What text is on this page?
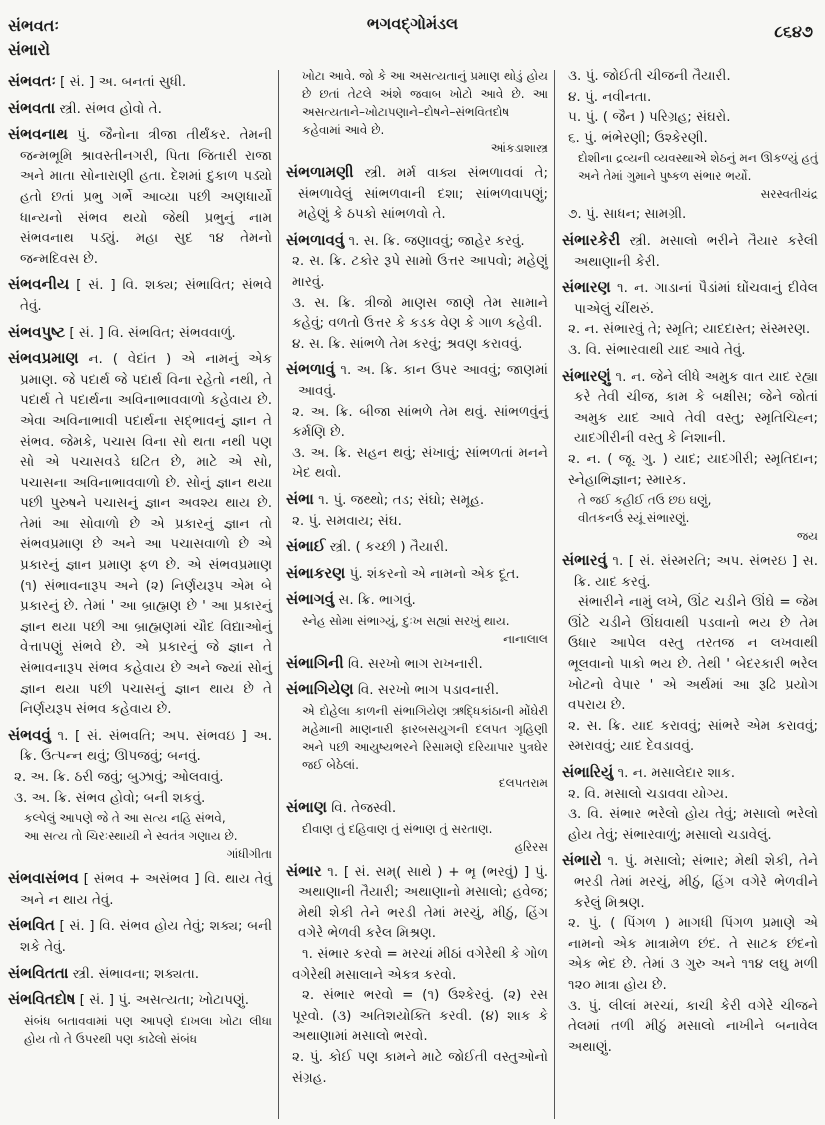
સંભવતઃ
સંભારો
ભગવદ્ગોમંડલ	૮૬૪૭

સંભવતઃ [ સં. ] અ. બનતાં સુધી.

સંભવતા સ્ત્રી. સંભવ હોવો તે.

સંભવનાથ પું. જૈનોના ત્રીજા તીર્થંકર. તેમની જન્મભૂમિ શ્રાવસ્તીનગરી, પિતા જિતારી રાજા અને માતા સોનારાણી હતા. દેશમાં દુકાળ પડ્યો હતો છતાં પ્રભુ ગર્ભે આવ્યા પછી અણધાર્યો ધાન્યનો સંભવ થયો જેથી પ્રભુનું નામ સંભવનાથ પડ્યું. મહા સુદ ૧૪ તેમનો જન્મદિવસ છે.

સંભવનીય [ સં. ] વિ. શક્ય; સંભાવિત; સંભવે તેવું.

સંભવપુષ્ટ [ સં. ] વિ. સંભવિત; સંભવવાળું.

સંભવપ્રમાણ ન. ( વેદાંત ) એ નામનું એક પ્રમાણ. જે પદાર્થ જે પદાર્થ વિના રહેતો નથી, તે પદાર્થ તે પદાર્થના અવિનાભાવવાળો કહેવાય છે. એવા અવિનાભાવી પદાર્થના સદ્‌ભાવનું જ્ઞાન તે સંભવ. જેમકે, પચાસ વિના સો થતા નથી પણ સો એ પચાસવડે ઘટિત છે, માટે એ સો, પચાસના અવિનાભાવવાળો છે. સોનું જ્ઞાન થયા પછી પુરુષને પચાસનું જ્ઞાન અવશ્ય થાય છે. તેમાં આ સોવાળો છે એ પ્રકારનું જ્ઞાન તો સંભવપ્રમાણ છે અને આ પચાસવાળો છે એ પ્રકારનું જ્ઞાન પ્રમાણ ફળ છે. એ સંભવપ્રમાણ (૧) સંભાવનારૂપ અને (૨) નિર્ણયરૂપ એમ બે પ્રકારનું છે. તેમાં ' આ બ્રાહ્મણ છે ' આ પ્રકારનું જ્ઞાન થયા પછી આ બ્રાહ્મણમાં ચૌદ વિદ્યાઓનું વેત્તાપણું સંભવે છે. એ પ્રકારનું જે જ્ઞાન તે સંભાવનારૂપ સંભવ કહેવાય છે અને જ્યાં સોનું જ્ઞાન થયા પછી પચાસનું જ્ઞાન થાય છે તે નિર્ણયરૂપ સંભવ કહેવાય છે.

સંભવવું ૧. [ સં. સંભવતિ; અપ. સંભવઇ ] અ. ક્રિ. ઉત્પન્ન થવું; ઊપજવું; બનવું.

૨. અ. ક્રિ. ઠરી જવું; બુઝાવું; ઓલવાવું.

૩. અ. ક્રિ. સંભવ હોવો; બની શકવું.

કલ્પેલું આપણે જે તે આ સત્ય નહિ સંભવે,
આ સત્ય તો ચિરઃસ્થાયી ને સ્વતંત્ર ગણાય છે.
ગાંધીગીતા

સંભવાસંભવ [ સંભવ + અસંભવ ] વિ. થાય તેવું અને ન થાય તેવું.

સંભવિત [ સં. ] વિ. સંભવ હોય તેવું; શક્ય; બની શકે તેવું.

સંભવિતતા સ્ત્રી. સંભાવના; શક્યતા.

સંભવિતદોષ [ સં. ] પું. અસત્યતા; ખોટાપણું.

સંબંધ બતાવવામાં પણ આપણે દાખલા ખોટા લીધા હોય તો તે ઉપરથી પણ કાઢેલો સંબંધ
ખોટા આવે. જો કે આ અસત્યતાનું પ્રમાણ થોડું હોય છે છતાં તેટલે અંશે જવાબ ખોટો આવે છે. આ અસત્યતાને–ખોટાપણાને–દોષને–સંભવિતદોષ કહેવામાં આવે છે.
આંકડાશાસ્ત્ર

સંભળામણી સ્ત્રી. મર્મ વાક્ય સંભળાવવાં તે; સંભળાવેલું સાંભળવાની દશા; સાંભળવાપણું; મહેણું કે ઠપકો સાંભળવો તે.

સંભળાવવું ૧. સ. ક્રિ. જણાવવું; જાહેર કરવું.

૨. સ. ક્રિ. ટકોર રૂપે સામો ઉત્તર આપવો; મહેણું મારવું.

૩. સ. ક્રિ. ત્રીજો માણસ જાણે તેમ સામાને કહેવું; વળતો ઉત્તર કે કડક વેણ કે ગાળ કહેવી.

૪. સ. ક્રિ. સાંભળે તેમ કરવું; શ્રવણ કરાવવું.

સંભળાવું ૧. અ. ક્રિ. કાન ઉપર આવવું; જાણમાં આવવું.

૨. અ. ક્રિ. બીજા સાંભળે તેમ થવું. સાંભળવુંનું કર્મણિ છે.

૩. અ. ક્રિ. સહન થવું; સંખાવું; સાંભળતાં મનને ખેદ થવો.

સંભા ૧. પું. જથ્થો; તડ; સંઘો; સમૂહ.

૨. પું. સમવાય; સંઘ.

સંભાઈ સ્ત્રી. ( કચ્છી ) તૈયારી.

સંભાકરણ પું. શંકરનો એ નામનો એક દૂત.

સંભાગવું સ. ક્રિ. ભાગવું.

સ્નેહ સોમા સંભાગ્યું, દુઃખ સહ્યાં સરખું થાય.
નાનાલાલ

સંભાગિની વિ. સરખો ભાગ રાખનારી.

સંભાગિયેણ વિ. સરખો ભાગ પડાવનારી.

એ દોહેલા કાળની સંભાગિયેણ ઋદ્ધિકાંઠાની મોંઘેરી મહેમાની માણનારી ફારબસયુગની દલપત ગૃહિણી અને પછી આયુષ્યભરને રિસામણે દરિયાપાર પુત્રઘેર જઈ બેઠેલાં.
દલપતરામ

સંભાણ વિ. તેજસ્વી.

દીવાણ તું દહિવાણ તું સંભાણ તું સરતાણ.
હરિરસ

સંભાર ૧. [ સં. સમ્( સાથે ) + ભૃ (ભરવું) ] પું. અથાણાની તૈયારી; અથાણાનો મસાલો; હવેજ; મેથી શેકી તેને ભરડી તેમાં મરચું, મીઠું, હિંગ વગેરે ભેળવી કરેલ મિશ્રણ.

૧. સંભાર કરવો = મરચાં મીઠાં વગેરેથી કે ગોળ વગેરેથી મસાલાને એકત્ર કરવો.

૨. સંભાર ભરવો = (૧) ઉશ્કેરવું. (૨) રસ પૂરવો. (૩) અતિશયોક્તિ કરવી. (૪) શાક કે અથાણામાં મસાલો ભરવો.

૨. પું. કોઈ પણ કામને માટે જોઈતી વસ્તુઓનો સંગ્રહ.

૩. પું. જોઈતી ચીજની તૈયારી.

૪. પું. નવીનતા.

૫. પું. ( જૈન ) પરિગ્રહ; સંઘરો.

૬. પું. ભંભેરણી; ઉશ્કેરણી.

દોશીના દ્રવ્યની વ્યવસ્થાએ શેઠનું મન ઊકળ્યું હતું અને તેમાં ગુમાને પુષ્કળ સંભાર ભર્યો.
સરસ્વતીચંદ્ર

૭. પું. સાધન; સામગ્રી.

સંભારકેરી સ્ત્રી. મસાલો ભરીને તૈયાર કરેલી અથાણાની કેરી.

સંભારણ ૧. ન. ગાડાનાં પૈડાંમાં ઘોંચવાનું દીવેલ પાએલું ચીંથરું.

૨. ન. સંભારવું તે; સ્મૃતિ; યાદદાસ્ત; સંસ્મરણ.

૩. વિ. સંભારવાથી યાદ આવે તેવું.

સંભારણું ૧. ન. જેને લીધે અમુક વાત યાદ રહ્યા કરે તેવી ચીજ, કામ કે બક્ષીસ; જેને જોતાં અમુક યાદ આવે તેવી વસ્તુ; સ્મૃતિચિહ્ન; યાદગીરીની વસ્તુ કે નિશાની.

૨. ન. ( જૂ. ગુ. ) યાદ; યાદગીરી; સ્મૃતિદાન; સ્નેહાભિજ્ઞાન; સ્મારક.

તે જઈ કહીઈ તઉ છઇ ઘણું,
વીતકનઉં સ્યૂં સંભારણું.
જય

સંભારવું ૧. [ સં. સંસ્મરતિ; અપ. સંભરઇ ] સ. ક્રિ. યાદ કરવું.

સંભારીને નામું લખે, ઊંટ ચડીને ઊંઘે = જેમ ઊંટે ચડીને ઊંઘવાથી પડવાનો ભય છે તેમ ઉધાર આપેલ વસ્તુ તરતજ ન લખવાથી ભૂલવાનો પાકો ભય છે. તેથી ' બેદરકારી ભરેલ ખોટનો વેપાર ' એ અર્થમાં આ રૂઢિ પ્રયોગ વપરાય છે.

૨. સ. ક્રિ. યાદ કરાવવું; સાંભરે એમ કરાવવું; સ્મરાવવું; યાદ દેવડાવવું.

સંભારિયું ૧. ન. મસાલેદાર શાક.

૨. વિ. મસાલો ચડાવવા યોગ્ય.

૩. વિ. સંભાર ભરેલો હોય તેવું; મસાલો ભરેલો હોય તેવું; સંભારવાળું; મસાલો ચડાવેલું.

સંભારો ૧. પું. મસાલો; સંભાર; મેથી શેકી, તેને ભરડી તેમાં મરચું, મીઠું, હિંગ વગેરે ભેળવીને કરેલું મિશ્રણ.

૨. પું. ( પિંગળ ) માગધી પિંગળ પ્રમાણે એ નામનો એક માત્રામેળ છંદ. તે સાટક છંદનો એક ભેદ છે. તેમાં ૩ ગુરુ અને ૧૧૪ લઘુ મળી ૧૨૦ માત્રા હોય છે.

૩. પું. લીલાં મરચાં, કાચી કેરી વગેરે ચીજને તેલમાં તળી મીઠું મસાલો નાખીને બનાવેલ અથાણું.
